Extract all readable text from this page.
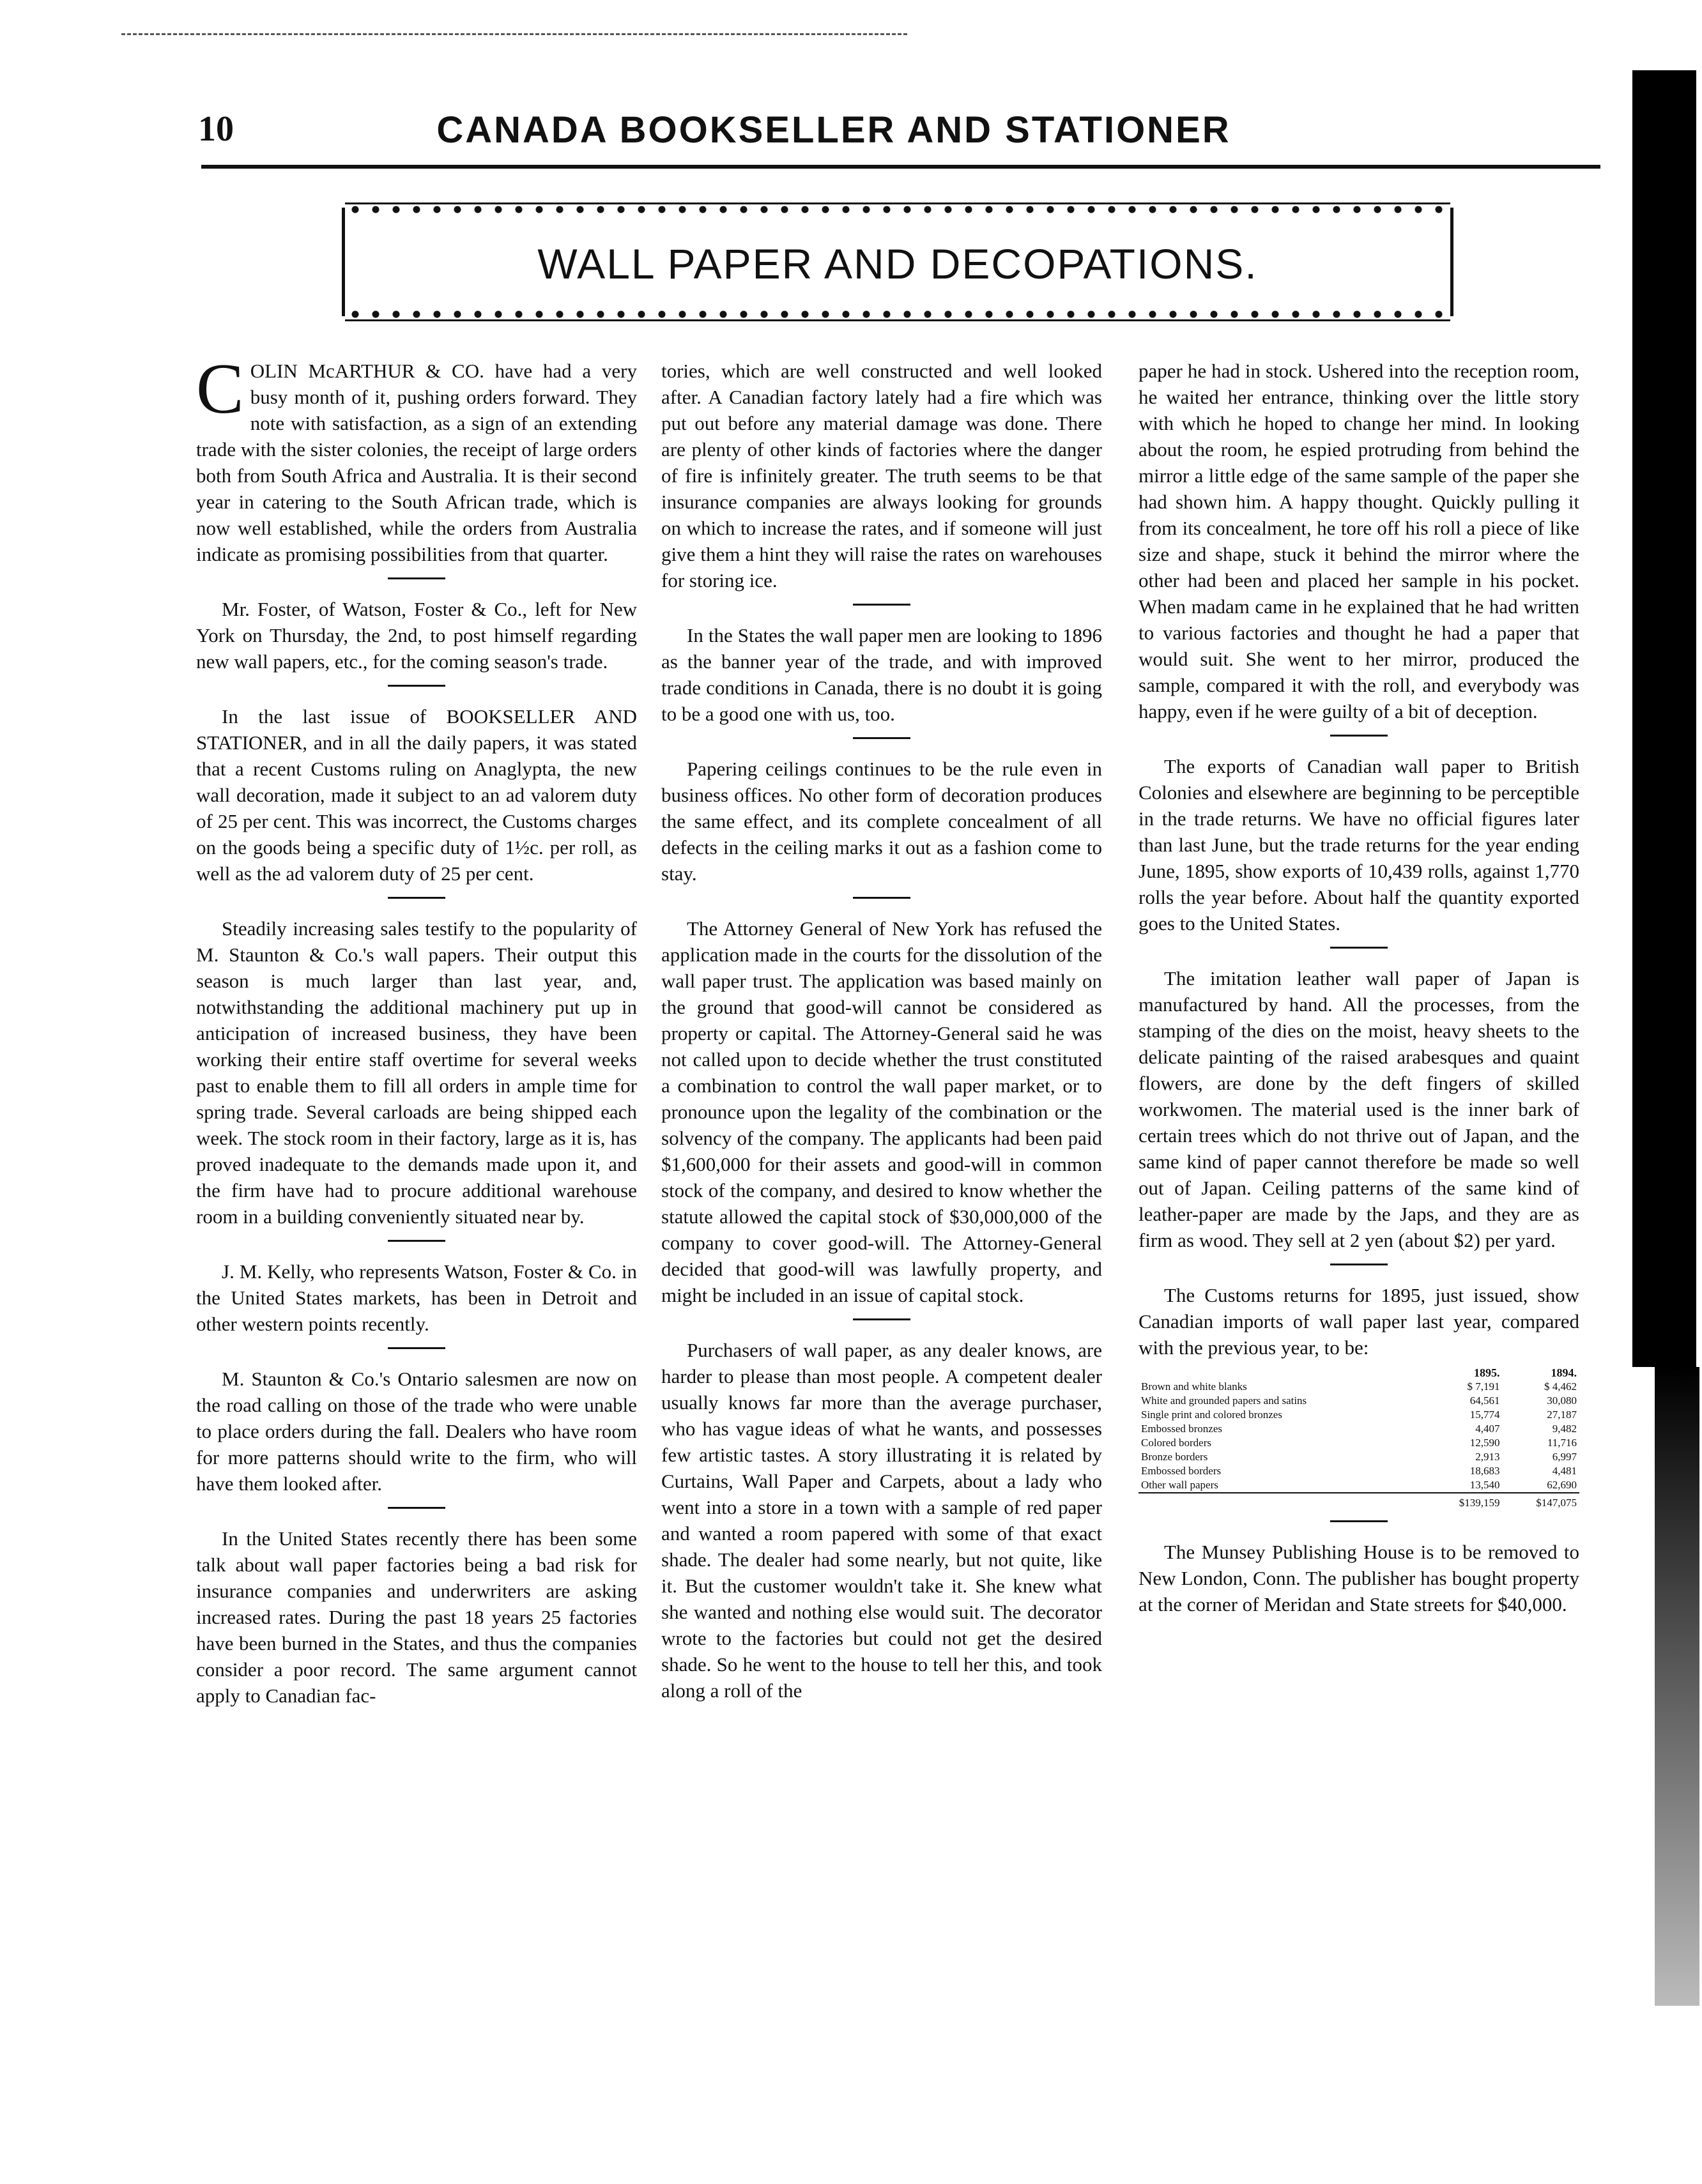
10	CANADA BOOKSELLER AND STATIONER
WALL PAPER AND DECOPATIONS.

COLIN McARTHUR & CO. have had a very busy month of it, pushing orders forward. They note with satisfaction, as a sign of an extending trade with the sister colonies, the receipt of large orders both from South Africa and Australia. It is their second year in catering to the South African trade, which is now well established, while the orders from Australia indicate as promising possibilities from that quarter.

Mr. Foster, of Watson, Foster & Co., left for New York on Thursday, the 2nd, to post himself regarding new wall papers, etc., for the coming season's trade.

In the last issue of BOOKSELLER AND STATIONER, and in all the daily papers, it was stated that a recent Customs ruling on Anaglypta, the new wall decoration, made it subject to an ad valorem duty of 25 per cent. This was incorrect, the Customs charges on the goods being a specific duty of 1½c. per roll, as well as the ad valorem duty of 25 per cent.

Steadily increasing sales testify to the popularity of M. Staunton & Co.'s wall papers. Their output this season is much larger than last year, and, notwithstanding the additional machinery put up in anticipation of increased business, they have been working their entire staff overtime for several weeks past to enable them to fill all orders in ample time for spring trade. Several carloads are being shipped each week. The stock room in their factory, large as it is, has proved inadequate to the demands made upon it, and the firm have had to procure additional warehouse room in a building conveniently situated near by.

J. M. Kelly, who represents Watson, Foster & Co. in the United States markets, has been in Detroit and other western points recently.

M. Staunton & Co.'s Ontario salesmen are now on the road calling on those of the trade who were unable to place orders during the fall. Dealers who have room for more patterns should write to the firm, who will have them looked after.

In the United States recently there has been some talk about wall paper factories being a bad risk for insurance companies and underwriters are asking increased rates. During the past 18 years 25 factories have been burned in the States, and thus the companies consider a poor record. The same argument cannot apply to Canadian fac-

tories, which are well constructed and well looked after. A Canadian factory lately had a fire which was put out before any material damage was done. There are plenty of other kinds of factories where the danger of fire is infinitely greater. The truth seems to be that insurance companies are always looking for grounds on which to increase the rates, and if someone will just give them a hint they will raise the rates on warehouses for storing ice.

In the States the wall paper men are looking to 1896 as the banner year of the trade, and with improved trade conditions in Canada, there is no doubt it is going to be a good one with us, too.

Papering ceilings continues to be the rule even in business offices. No other form of decoration produces the same effect, and its complete concealment of all defects in the ceiling marks it out as a fashion come to stay.

The Attorney General of New York has refused the application made in the courts for the dissolution of the wall paper trust. The application was based mainly on the ground that good-will cannot be considered as property or capital. The Attorney-General said he was not called upon to decide whether the trust constituted a combination to control the wall paper market, or to pronounce upon the legality of the combination or the solvency of the company. The applicants had been paid $1,600,000 for their assets and good-will in common stock of the company, and desired to know whether the statute allowed the capital stock of $30,000,000 of the company to cover good-will. The Attorney-General decided that good-will was lawfully property, and might be included in an issue of capital stock.

Purchasers of wall paper, as any dealer knows, are harder to please than most people. A competent dealer usually knows far more than the average purchaser, who has vague ideas of what he wants, and possesses few artistic tastes. A story illustrating it is related by Curtains, Wall Paper and Carpets, about a lady who went into a store in a town with a sample of red paper and wanted a room papered with some of that exact shade. The dealer had some nearly, but not quite, like it. But the customer wouldn't take it. She knew what she wanted and nothing else would suit. The decorator wrote to the factories but could not get the desired shade. So he went to the house to tell her this, and took along a roll of the

paper he had in stock. Ushered into the reception room, he waited her entrance, thinking over the little story with which he hoped to change her mind. In looking about the room, he espied protruding from behind the mirror a little edge of the same sample of the paper she had shown him. A happy thought. Quickly pulling it from its concealment, he tore off his roll a piece of like size and shape, stuck it behind the mirror where the other had been and placed her sample in his pocket. When madam came in he explained that he had written to various factories and thought he had a paper that would suit. She went to her mirror, produced the sample, compared it with the roll, and everybody was happy, even if he were guilty of a bit of deception.

The exports of Canadian wall paper to British Colonies and elsewhere are beginning to be perceptible in the trade returns. We have no official figures later than last June, but the trade returns for the year ending June, 1895, show exports of 10,439 rolls, against 1,770 rolls the year before. About half the quantity exported goes to the United States.

The imitation leather wall paper of Japan is manufactured by hand. All the processes, from the stamping of the dies on the moist, heavy sheets to the delicate painting of the raised arabesques and quaint flowers, are done by the deft fingers of skilled workwomen. The material used is the inner bark of certain trees which do not thrive out of Japan, and the same kind of paper cannot therefore be made so well out of Japan. Ceiling patterns of the same kind of leather-paper are made by the Japs, and they are as firm as wood. They sell at 2 yen (about $2) per yard.

The Customs returns for 1895, just issued, show Canadian imports of wall paper last year, compared with the previous year, to be:

	1895.	1894.
Brown and white blanks	$ 7,191	$ 4,462
White and grounded papers and satins	64,561	30,080
Single print and colored bronzes	15,774	27,187
Embossed bronzes	4,407	9,482
Colored borders	12,590	11,716
Bronze borders	2,913	6,997
Embossed borders	18,683	4,481
Other wall papers	13,540	62,690
	$139,159	$147,075

The Munsey Publishing House is to be removed to New London, Conn. The publisher has bought property at the corner of Meridan and State streets for $40,000.
